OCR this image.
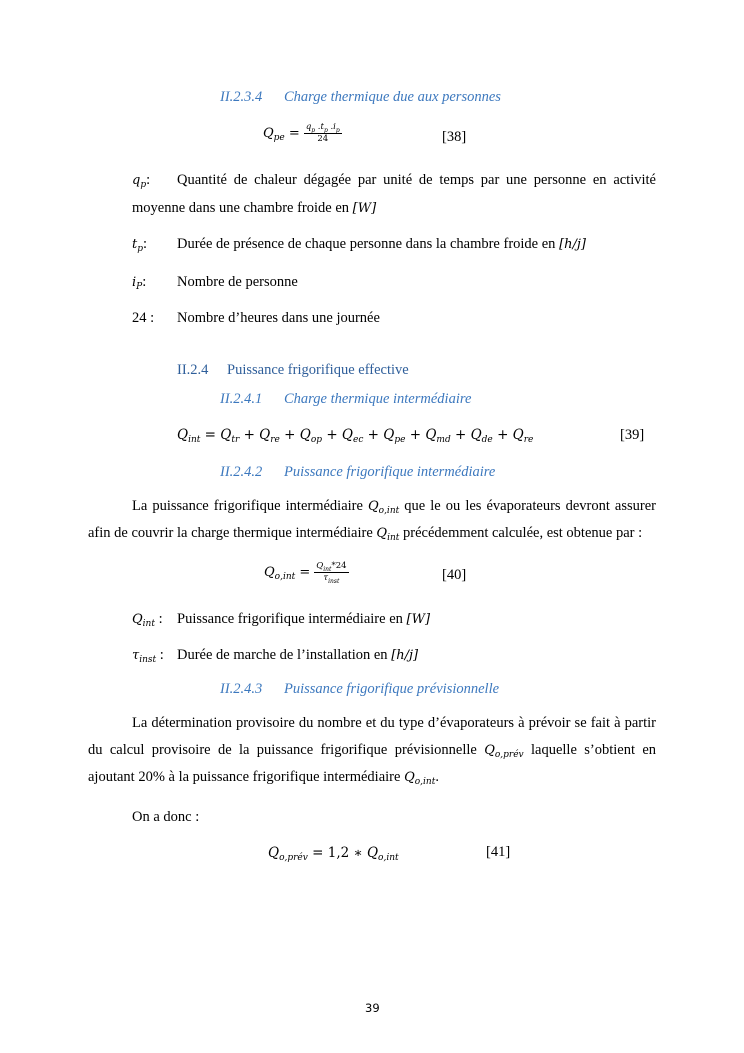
II.2.3.4 Charge thermique due aux personnes
$Q_{pe} = \frac{q_p .t_p .i_p}{24}$	[38]
$q_p$: Quantité de chaleur dégagée par unité de temps par une personne en activité
moyenne dans une chambre froide en [W]
$t_p$: Durée de présence de chaque personne dans la chambre froide en [h/j]
$i_P$: Nombre de personne
24 : Nombre d’heures dans une journée
II.2.4 Puissance frigorifique effective
II.2.4.1 Charge thermique intermédiaire
$Q_{int} = Q_{tr} + Q_{re} + Q_{op} + Q_{ec} + Q_{pe} + Q_{md} + Q_{de} + Q_{re}$	[39]
II.2.4.2 Puissance frigorifique intermédiaire
La puissance frigorifique intermédiaire $Q_{o,int}$ que le ou les évaporateurs devront assurer afin de couvrir la charge thermique intermédiaire $Q_{int}$ précédemment calculée, est obtenue par :
$Q_{o,int} = \frac{Q_{int}*24}{\tau_{inst}}$	[40]
$Q_{int}$ : Puissance frigorifique intermédiaire en [W]
$\tau_{inst}$ : Durée de marche de l’installation en [h/j]
II.2.4.3 Puissance frigorifique prévisionnelle
La détermination provisoire du nombre et du type d’évaporateurs à prévoir se fait à partir du calcul provisoire de la puissance frigorifique prévisionnelle $Q_{o,prév}$ laquelle s’obtient en ajoutant 20% à la puissance frigorifique intermédiaire $Q_{o,int}$.
On a donc :
$Q_{o,prév} = 1,2$ ∗ $Q_{o,int}$	[41]
39
